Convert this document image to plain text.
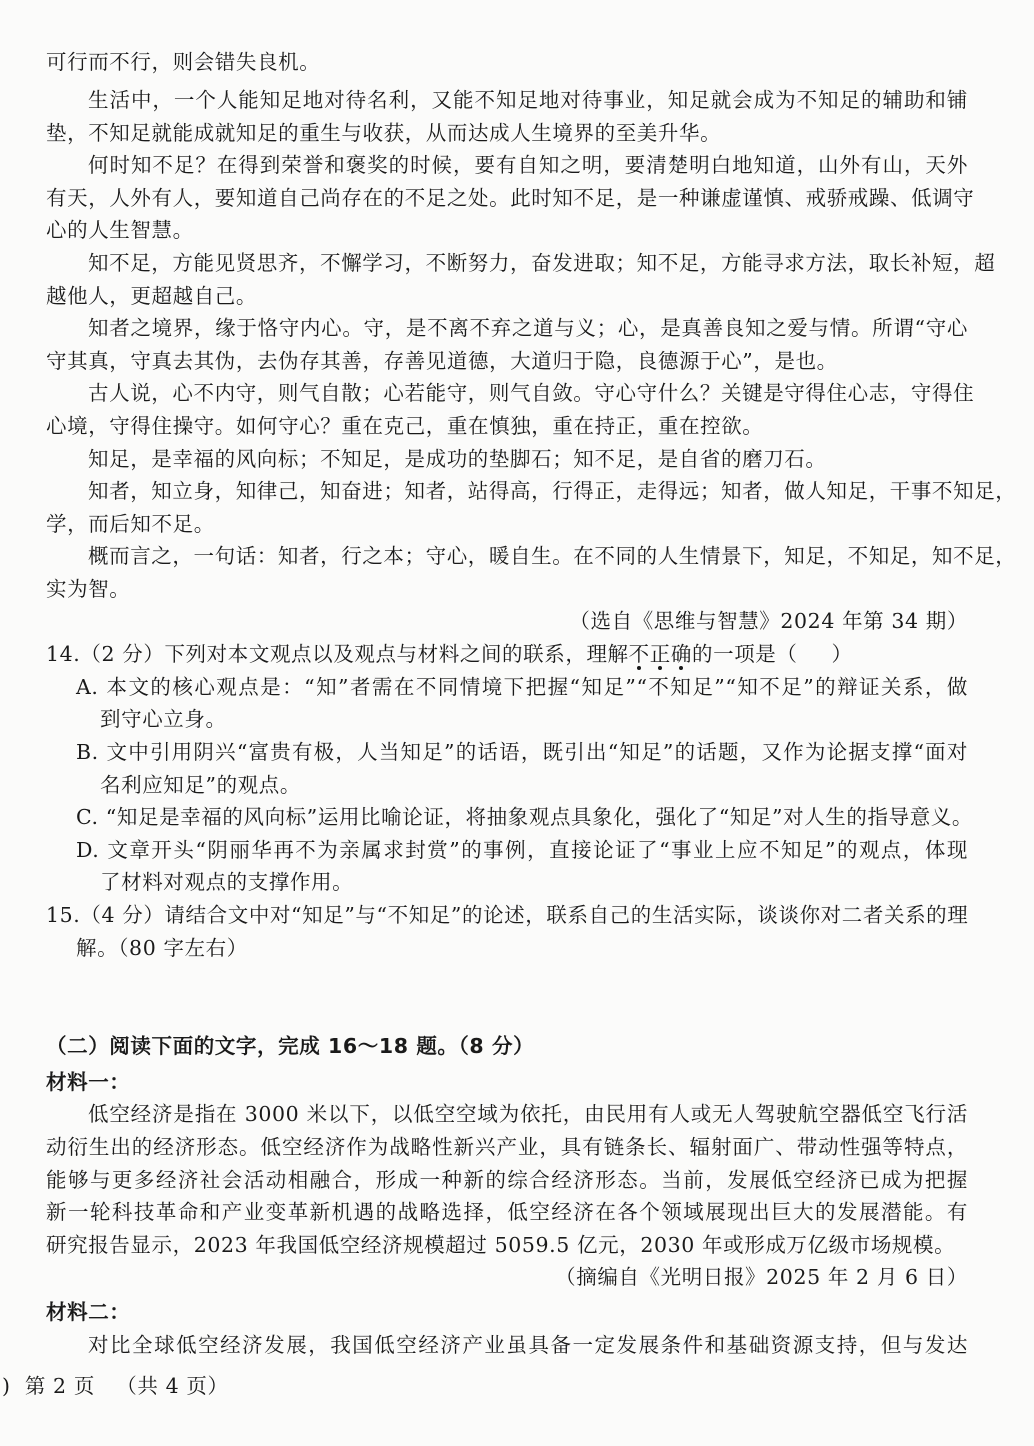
可行而不行，则会错失良机。
生活中，一个人能知足地对待名利，又能不知足地对待事业，知足就会成为不知足的辅助和铺
垫，不知足就能成就知足的重生与收获，从而达成人生境界的至美升华。
何时知不足？在得到荣誉和褒奖的时候，要有自知之明，要清楚明白地知道，山外有山，天外
有天，人外有人，要知道自己尚存在的不足之处。此时知不足，是一种谦虚谨慎、戒骄戒躁、低调守
心的人生智慧。
知不足，方能见贤思齐，不懈学习，不断努力，奋发进取；知不足，方能寻求方法，取长补短，超
越他人，更超越自己。
知者之境界，缘于恪守内心。守，是不离不弃之道与义；心，是真善良知之爱与情。所谓“守心
守其真，守真去其伪，去伪存其善，存善见道德，大道归于隐，良德源于心”，是也。
古人说，心不内守，则气自散；心若能守，则气自敛。守心守什么？关键是守得住心志，守得住
心境，守得住操守。如何守心？重在克己，重在慎独，重在持正，重在控欲。
知足，是幸福的风向标；不知足，是成功的垫脚石；知不足，是自省的磨刀石。
知者，知立身，知律己，知奋进；知者，站得高，行得正，走得远；知者，做人知足，干事不知足，
学，而后知不足。
概而言之，一句话：知者，行之本；守心，暖自生。在不同的人生情景下，知足，不知足，知不足，
实为智。
（选自《思维与智慧》2024 年第 34 期）
14.（2 分）下列对本文观点以及观点与材料之间的联系，理解不正确的一项是（ ）
A. 本文的核心观点是：“知”者需在不同情境下把握“知足”“不知足”“知不足”的辩证关系，做
到守心立身。
B. 文中引用阴兴“富贵有极，人当知足”的话语，既引出“知足”的话题，又作为论据支撑“面对
名利应知足”的观点。
C. “知足是幸福的风向标”运用比喻论证，将抽象观点具象化，强化了“知足”对人生的指导意义。
D. 文章开头“阴丽华再不为亲属求封赏”的事例，直接论证了“事业上应不知足”的观点，体现
了材料对观点的支撑作用。
15.（4 分）请结合文中对“知足”与“不知足”的论述，联系自己的生活实际，谈谈你对二者关系的理
解。（80 字左右）
（二）阅读下面的文字，完成 16～18 题。（8 分）
材料一：
低空经济是指在 3000 米以下，以低空空域为依托，由民用有人或无人驾驶航空器低空飞行活
动衍生出的经济形态。低空经济作为战略性新兴产业，具有链条长、辐射面广、带动性强等特点，
能够与更多经济社会活动相融合，形成一种新的综合经济形态。当前，发展低空经济已成为把握
新一轮科技革命和产业变革新机遇的战略选择，低空经济在各个领域展现出巨大的发展潜能。有
研究报告显示，2023 年我国低空经济规模超过 5059.5 亿元，2030 年或形成万亿级市场规模。
（摘编自《光明日报》2025 年 2 月 6 日）
材料二：
对比全球低空经济发展，我国低空经济产业虽具备一定发展条件和基础资源支持，但与发达
) 第 2 页 （共 4 页）
